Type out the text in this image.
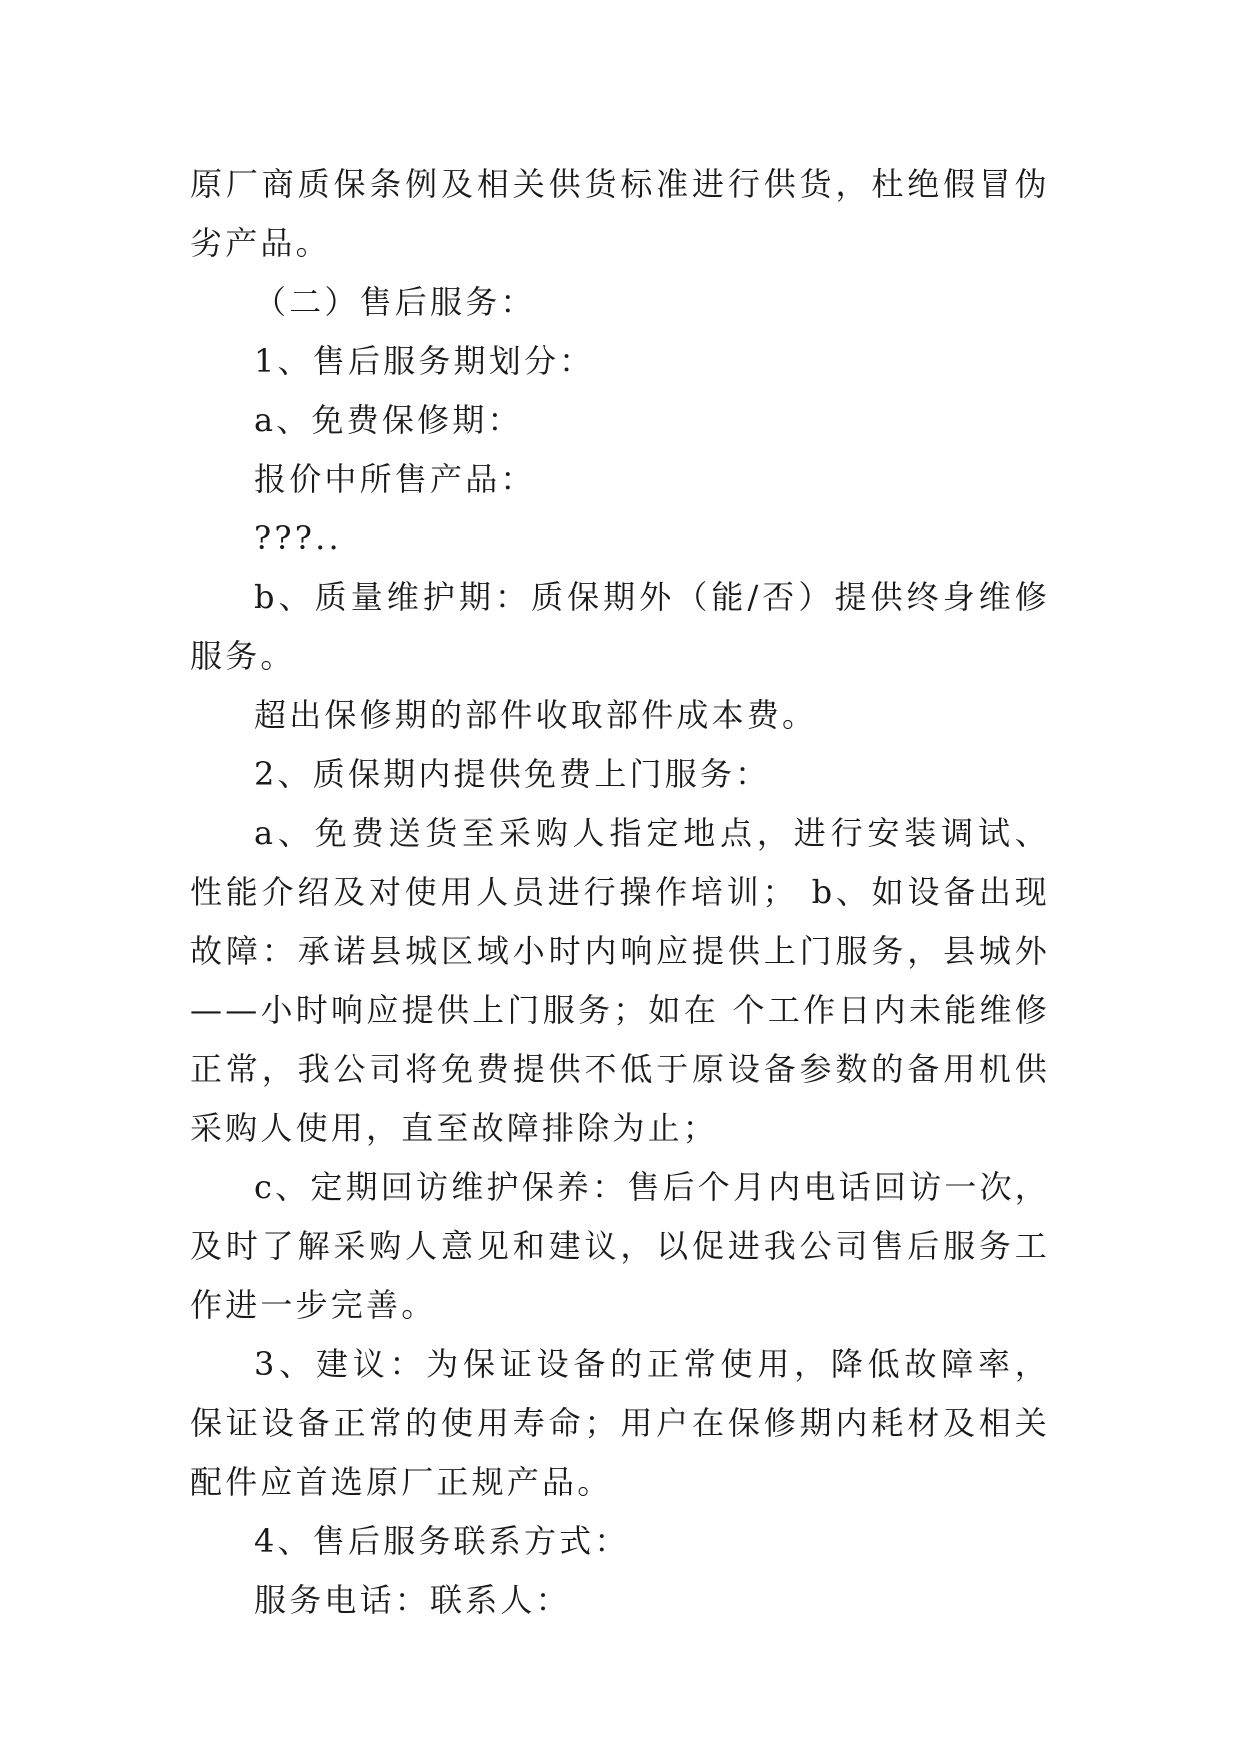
原厂商质保条例及相关供货标准进行供货，杜绝假冒伪劣产品。

（二）售后服务：

1、售后服务期划分：

a、免费保修期：

报价中所售产品：

???..

b、质量维护期：质保期外（能/否）提供终身维修服务。

超出保修期的部件收取部件成本费。

2、质保期内提供免费上门服务：

a、免费送货至采购人指定地点，进行安装调试、性能介绍及对使用人员进行操作培训； b、如设备出现故障：承诺县城区域小时内响应提供上门服务，县城外——小时响应提供上门服务；如在 个工作日内未能维修正常，我公司将免费提供不低于原设备参数的备用机供采购人使用，直至故障排除为止；

c、定期回访维护保养：售后个月内电话回访一次，及时了解采购人意见和建议，以促进我公司售后服务工作进一步完善。

3、建议：为保证设备的正常使用，降低故障率，保证设备正常的使用寿命；用户在保修期内耗材及相关配件应首选原厂正规产品。

4、售后服务联系方式：

服务电话：联系人：
